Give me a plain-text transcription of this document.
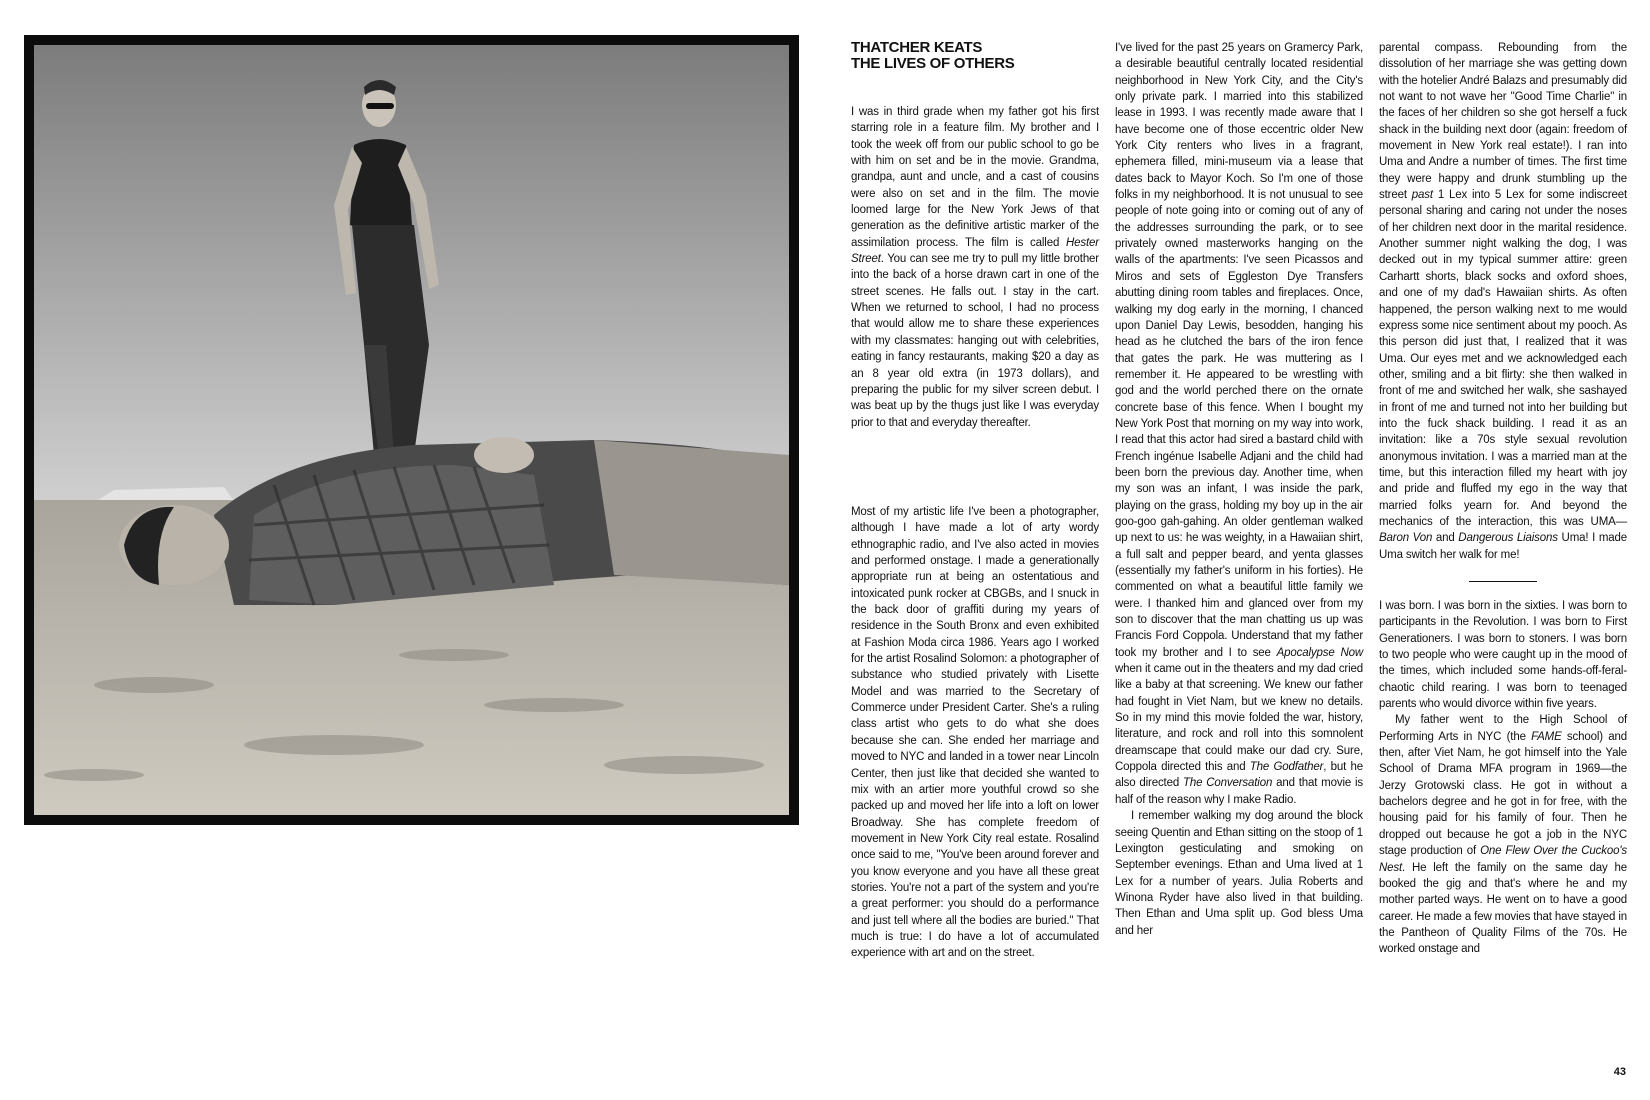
THATCHER KEATS
THE LIVES OF OTHERS

I was in third grade when my father got his first starring role in a feature film. My brother and I took the week off from our public school to go be with him on set and be in the movie. Grandma, grandpa, aunt and uncle, and a cast of cousins were also on set and in the film. The movie loomed large for the New York Jews of that generation as the definitive artistic marker of the assimilation process. The film is called Hester Street. You can see me try to pull my little brother into the back of a horse drawn cart in one of the street scenes. He falls out. I stay in the cart. When we returned to school, I had no process that would allow me to share these experiences with my classmates: hanging out with celebrities, eating in fancy restaurants, making $20 a day as an 8 year old extra (in 1973 dollars), and preparing the public for my silver screen debut. I was beat up by the thugs just like I was everyday prior to that and everyday thereafter.

Most of my artistic life I've been a photographer, although I have made a lot of arty wordy ethnographic radio, and I've also acted in movies and performed onstage. I made a generationally appropriate run at being an ostentatious and intoxicated punk rocker at CBGBs, and I snuck in the back door of graffiti during my years of residence in the South Bronx and even exhibited at Fashion Moda circa 1986. Years ago I worked for the artist Rosalind Solomon: a photographer of substance who studied privately with Lisette Model and was married to the Secretary of Commerce under President Carter. She's a ruling class artist who gets to do what she does because she can. She ended her marriage and moved to NYC and landed in a tower near Lincoln Center, then just like that decided she wanted to mix with an artier more youthful crowd so she packed up and moved her life into a loft on lower Broadway. She has complete freedom of movement in New York City real estate. Rosalind once said to me, "You've been around forever and you know everyone and you have all these great stories. You're not a part of the system and you're a great performer: you should do a performance and just tell where all the bodies are buried." That much is true: I do have a lot of accumulated experience with art and on the street.

I've lived for the past 25 years on Gramercy Park, a desirable beautiful centrally located residential neighborhood in New York City, and the City's only private park. I married into this stabilized lease in 1993. I was recently made aware that I have become one of those eccentric older New York City renters who lives in a fragrant, ephemera filled, mini-museum via a lease that dates back to Mayor Koch. So I'm one of those folks in my neighborhood. It is not unusual to see people of note going into or coming out of any of the addresses surrounding the park, or to see privately owned masterworks hanging on the walls of the apartments: I've seen Picassos and Miros and sets of Eggleston Dye Transfers abutting dining room tables and fireplaces. Once, walking my dog early in the morning, I chanced upon Daniel Day Lewis, besodden, hanging his head as he clutched the bars of the iron fence that gates the park. He was muttering as I remember it. He appeared to be wrestling with god and the world perched there on the ornate concrete base of this fence. When I bought my New York Post that morning on my way into work, I read that this actor had sired a bastard child with French ingénue Isabelle Adjani and the child had been born the previous day. Another time, when my son was an infant, I was inside the park, playing on the grass, holding my boy up in the air goo-goo gah-gahing. An older gentleman walked up next to us: he was weighty, in a Hawaiian shirt, a full salt and pepper beard, and yenta glasses (essentially my father's uniform in his forties). He commented on what a beautiful little family we were. I thanked him and glanced over from my son to discover that the man chatting us up was Francis Ford Coppola. Understand that my father took my brother and I to see Apocalypse Now when it came out in the theaters and my dad cried like a baby at that screening. We knew our father had fought in Viet Nam, but we knew no details. So in my mind this movie folded the war, history, literature, and rock and roll into this somnolent dreamscape that could make our dad cry. Sure, Coppola directed this and The Godfather, but he also directed The Conversation and that movie is half of the reason why I make Radio.

I remember walking my dog around the block seeing Quentin and Ethan sitting on the stoop of 1 Lexington gesticulating and smoking on September evenings. Ethan and Uma lived at 1 Lex for a number of years. Julia Roberts and Winona Ryder have also lived in that building. Then Ethan and Uma split up. God bless Uma and her

parental compass. Rebounding from the dissolution of her marriage she was getting down with the hotelier André Balazs and presumably did not want to not wave her "Good Time Charlie" in the faces of her children so she got herself a fuck shack in the building next door (again: freedom of movement in New York real estate!). I ran into Uma and Andre a number of times. The first time they were happy and drunk stumbling up the street past 1 Lex into 5 Lex for some indiscreet personal sharing and caring not under the noses of her children next door in the marital residence. Another summer night walking the dog, I was decked out in my typical summer attire: green Carhartt shorts, black socks and oxford shoes, and one of my dad's Hawaiian shirts. As often happened, the person walking next to me would express some nice sentiment about my pooch. As this person did just that, I realized that it was Uma. Our eyes met and we acknowledged each other, smiling and a bit flirty: she then walked in front of me and switched her walk, she sashayed in front of me and turned not into her building but into the fuck shack building. I read it as an invitation: like a 70s style sexual revolution anonymous invitation. I was a married man at the time, but this interaction filled my heart with joy and pride and fluffed my ego in the way that married folks yearn for. And beyond the mechanics of the interaction, this was UMA—Baron Von and Dangerous Liaisons Uma! I made Uma switch her walk for me!

I was born. I was born in the sixties. I was born to participants in the Revolution. I was born to First Generationers. I was born to stoners. I was born to two people who were caught up in the mood of the times, which included some hands-off-feral-chaotic child rearing. I was born to teenaged parents who would divorce within five years.

My father went to the High School of Performing Arts in NYC (the FAME school) and then, after Viet Nam, he got himself into the Yale School of Drama MFA program in 1969—the Jerzy Grotowski class. He got in without a bachelors degree and he got in for free, with the housing paid for his family of four. Then he dropped out because he got a job in the NYC stage production of One Flew Over the Cuckoo's Nest. He left the family on the same day he booked the gig and that's where he and my mother parted ways. He went on to have a good career. He made a few movies that have stayed in the Pantheon of Quality Films of the 70s. He worked onstage and

43
